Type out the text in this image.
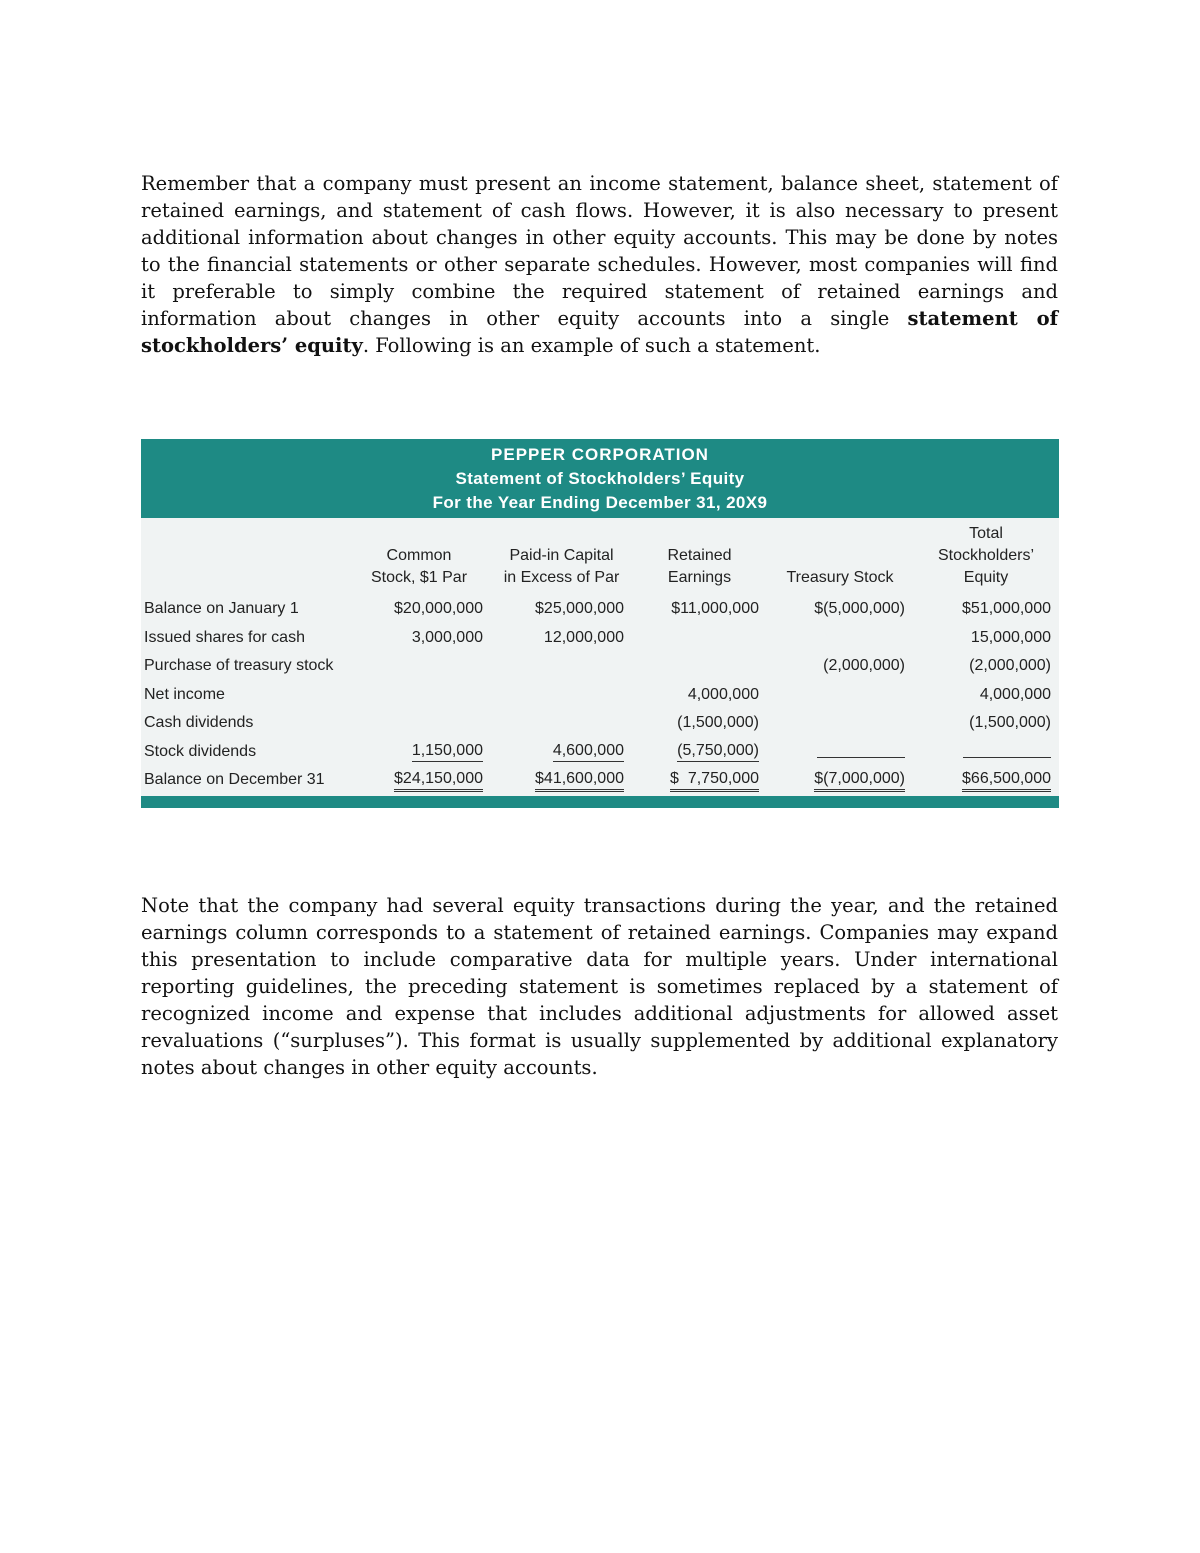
Remember that a company must present an income statement, balance sheet, statement of retained earnings, and statement of cash flows. However, it is also necessary to present additional information about changes in other equity accounts. This may be done by notes to the financial statements or other separate schedules. However, most companies will find it preferable to simply combine the required statement of retained earnings and information about changes in other equity accounts into a single statement of stockholders’ equity. Following is an example of such a statement.

PEPPER CORPORATION
Statement of Stockholders’ Equity
For the Year Ending December 31, 20X9
	Common
Stock, $1 Par	Paid-in Capital
in Excess of Par	Retained
Earnings	Treasury Stock	Total
Stockholders’
Equity
Balance on January 1	$20,000,000	$25,000,000	$11,000,000	$(5,000,000)	$51,000,000
Issued shares for cash	3,000,000	12,000,000			15,000,000
Purchase of treasury stock				(2,000,000)	(2,000,000)
Net income			4,000,000		4,000,000
Cash dividends			(1,500,000)		(1,500,000)
Stock dividends	1,150,000	4,600,000	(5,750,000)		
Balance on December 31	$24,150,000	$41,600,000	$  7,750,000	$(7,000,000)	$66,500,000

Note that the company had several equity transactions during the year, and the retained earnings column corresponds to a statement of retained earnings. Companies may expand this presentation to include comparative data for multiple years. Under international reporting guidelines, the preceding statement is sometimes replaced by a statement of recognized income and expense that includes additional adjustments for allowed asset revaluations (“surpluses”). This format is usually supplemented by additional explanatory notes about changes in other equity accounts.
